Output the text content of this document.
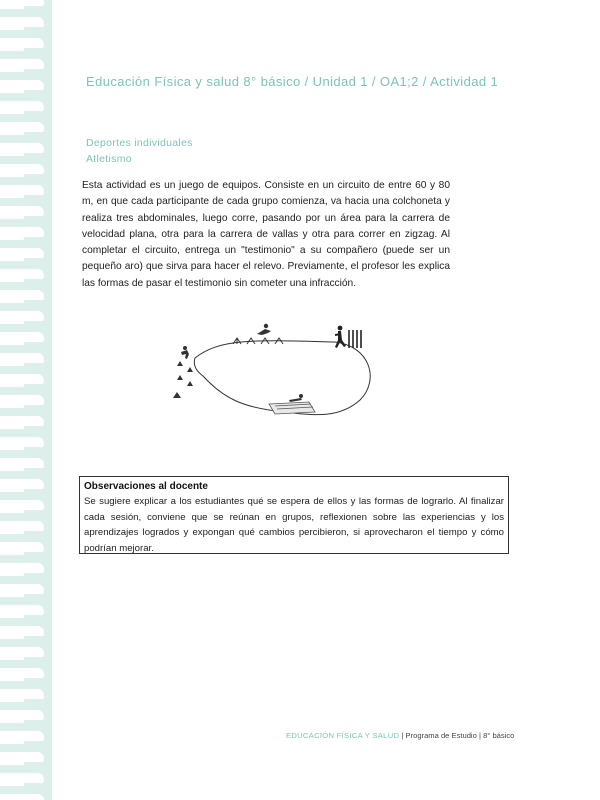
Educación Física y salud 8° básico / Unidad 1 / OA1;2 / Actividad 1
Deportes individuales
Atletismo
Esta actividad es un juego de equipos. Consiste en un circuito de entre 60 y 80 m, en que cada participante de cada grupo comienza, va hacia una colchoneta y realiza tres abdominales, luego corre, pasando por un área para la carrera de velocidad plana, otra para la carrera de vallas y otra para correr en zigzag. Al completar el circuito, entrega un "testimonio" a su compañero (puede ser un pequeño aro) que sirva para hacer el relevo. Previamente, el profesor les explica las formas de pasar el testimonio sin cometer una infracción.
Observaciones al docente
Se sugiere explicar a los estudiantes qué se espera de ellos y las formas de lograrlo. Al finalizar cada sesión, conviene que se reúnan en grupos, reflexionen sobre las experiencias y los aprendizajes logrados y expongan qué cambios percibieron, si aprovecharon el tiempo y cómo podrían mejorar.
EDUCACIÓN FÍSICA Y SALUD | Programa de Estudio | 8° básico
